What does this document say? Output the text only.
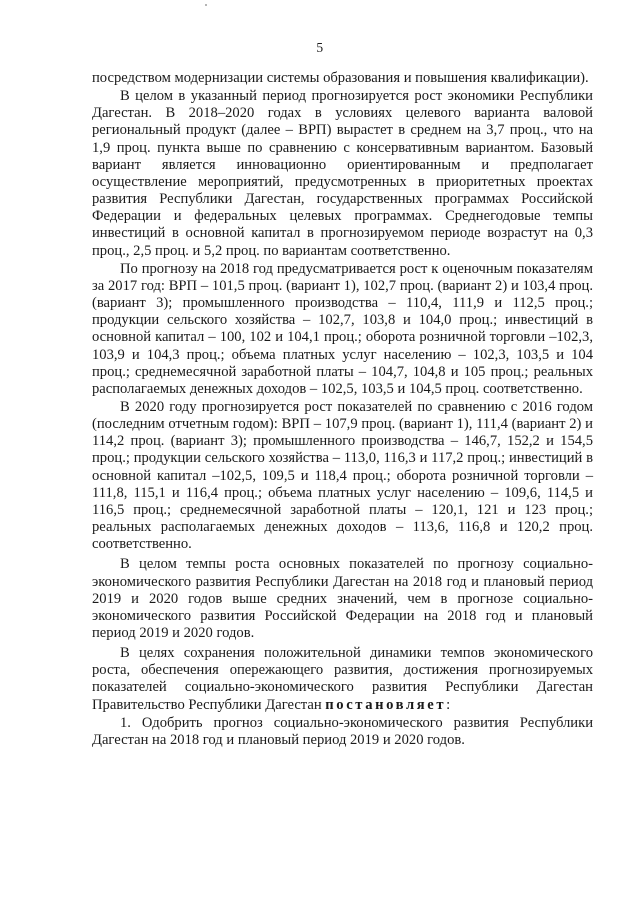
5

посредством модернизации системы образования и повышения квалификации).

В целом в указанный период прогнозируется рост экономики Республики Дагестан. В 2018–2020 годах в условиях целевого варианта валовой региональный продукт (далее – ВРП) вырастет в среднем на 3,7 проц., что на 1,9 проц. пункта выше по сравнению с консервативным вариантом. Базовый вариант является инновационно ориентированным и предполагает осуществление мероприятий, предусмотренных в приоритетных проектах развития Республики Дагестан, государственных программах Российской Федерации и федеральных целевых программах. Среднегодовые темпы инвестиций в основной капитал в прогнозируемом периоде возрастут на 0,3 проц., 2,5 проц. и 5,2 проц. по вариантам соответственно.

По прогнозу на 2018 год предусматривается рост к оценочным показателям за 2017 год: ВРП – 101,5 проц. (вариант 1), 102,7 проц. (вариант 2) и 103,4 проц. (вариант 3); промышленного производства – 110,4, 111,9 и 112,5 проц.; продукции сельского хозяйства – 102,7, 103,8 и 104,0 проц.; инвестиций в основной капитал – 100, 102 и 104,1 проц.; оборота розничной торговли –102,3, 103,9 и 104,3 проц.; объема платных услуг населению – 102,3, 103,5 и 104 проц.; среднемесячной заработной платы – 104,7, 104,8 и 105 проц.; реальных располагаемых денежных доходов – 102,5, 103,5 и 104,5 проц. соответственно.

В 2020 году прогнозируется рост показателей по сравнению с 2016 годом (последним отчетным годом): ВРП – 107,9 проц. (вариант 1), 111,4 (вариант 2) и 114,2 проц. (вариант 3); промышленного производства – 146,7, 152,2 и 154,5 проц.; продукции сельского хозяйства – 113,0, 116,3 и 117,2 проц.; инвестиций в основной капитал –102,5, 109,5 и 118,4 проц.; оборота розничной торговли – 111,8, 115,1 и 116,4 проц.; объема платных услуг населению – 109,6, 114,5 и 116,5 проц.; среднемесячной заработной платы – 120,1, 121 и 123 проц.; реальных располагаемых денежных доходов – 113,6, 116,8 и 120,2 проц. соответственно.

В целом темпы роста основных показателей по прогнозу социально-экономического развития Республики Дагестан на 2018 год и плановый период 2019 и 2020 годов выше средних значений, чем в прогнозе социально-экономического развития Российской Федерации на 2018 год и плановый период 2019 и 2020 годов.

В целях сохранения положительной динамики темпов экономического роста, обеспечения опережающего развития, достижения прогнозируемых показателей социально-экономического развития Республики Дагестан Правительство Республики Дагестан постановляет:

1. Одобрить прогноз социально-экономического развития Республики Дагестан на 2018 год и плановый период 2019 и 2020 годов.
